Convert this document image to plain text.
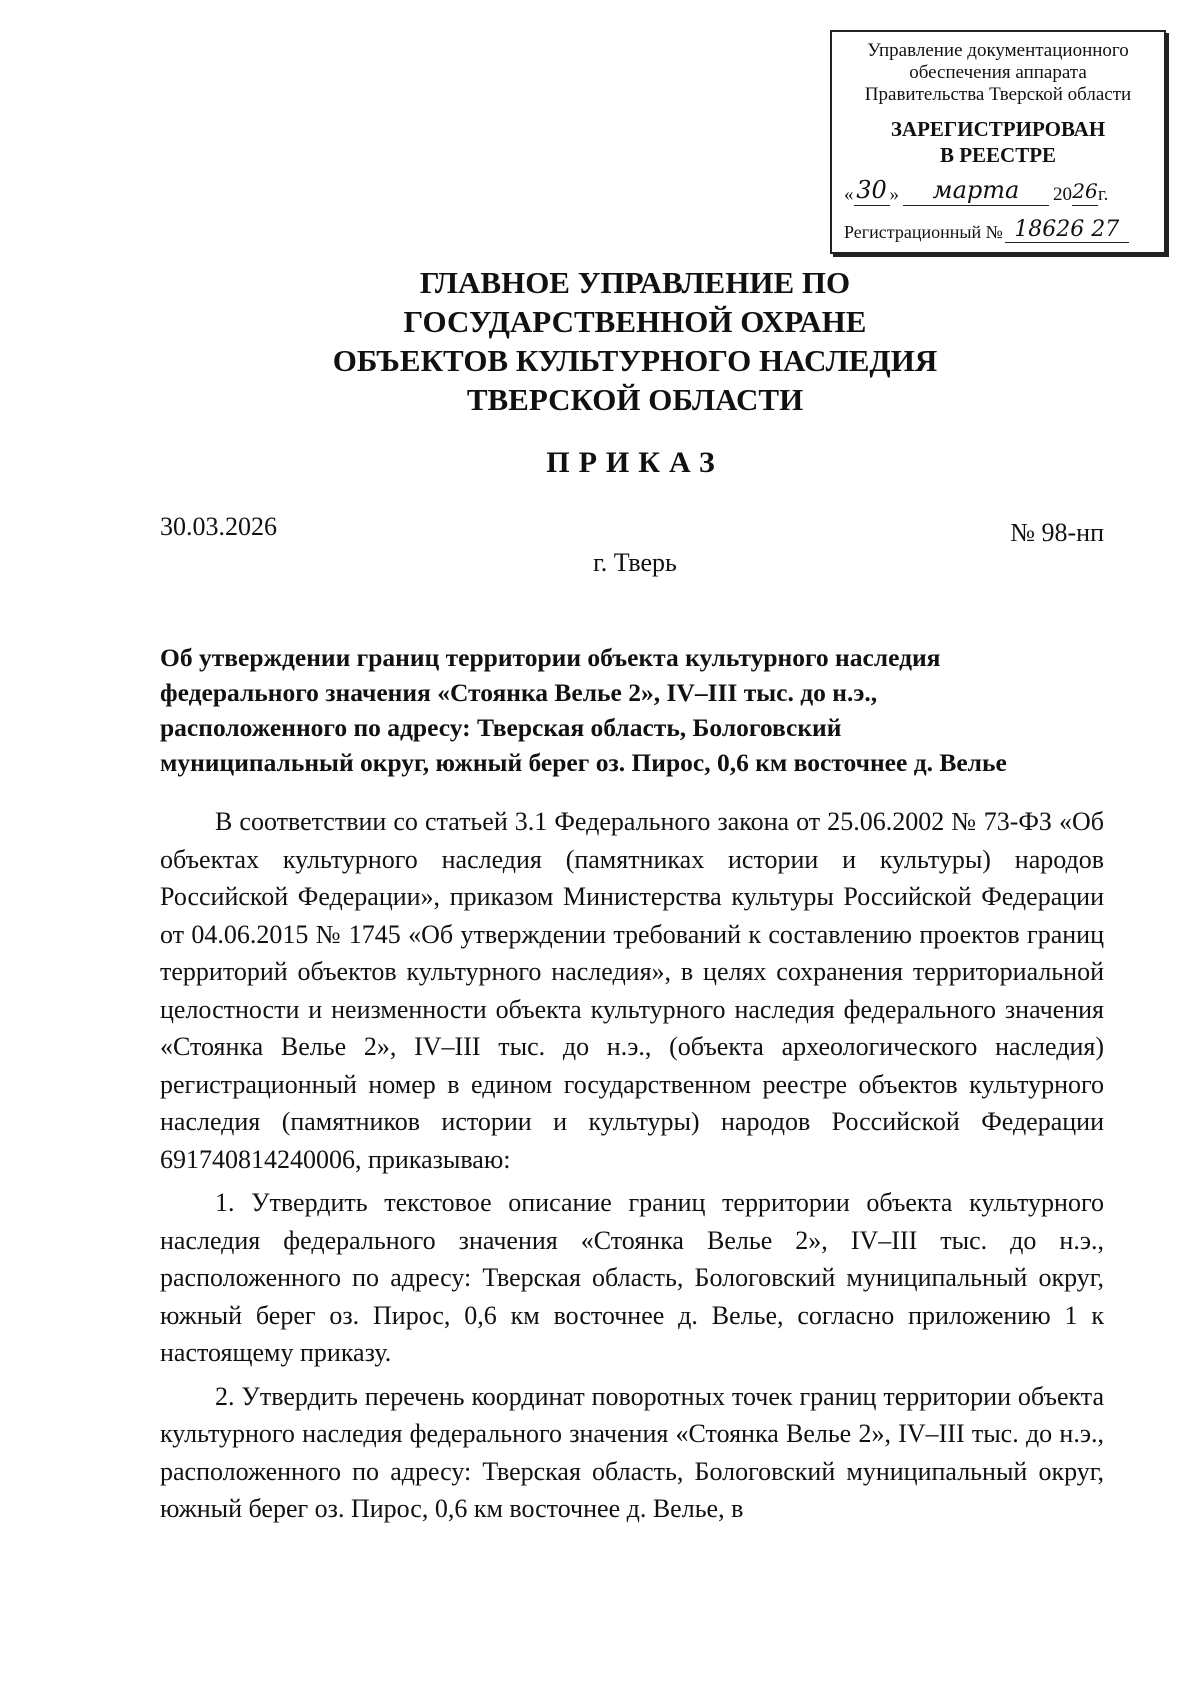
Управление документационного
обеспечения аппарата
Правительства Тверской области
ЗАРЕГИСТРИРОВАН
В РЕЕСТРЕ
« 30 »	марта	20 26 г.
Регистрационный № 18626 27
ГЛАВНОЕ УПРАВЛЕНИЕ ПО
ГОСУДАРСТВЕННОЙ ОХРАНЕ
ОБЪЕКТОВ КУЛЬТУРНОГО НАСЛЕДИЯ
ТВЕРСКОЙ ОБЛАСТИ
ПРИКАЗ
30.03.2026	№ 98-нп
г. Тверь
Об утверждении границ территории объекта культурного наследия
федерального значения «Стоянка Велье 2», IV–III тыс. до н.э.,
расположенного по адресу: Тверская область, Бологовский
муниципальный округ, южный берег оз. Пирос, 0,6 км восточнее д. Велье

В соответствии со статьей 3.1 Федерального закона от 25.06.2002 № 73-ФЗ «Об объектах культурного наследия (памятниках истории и культуры) народов Российской Федерации», приказом Министерства культуры Российской Федерации от 04.06.2015 № 1745 «Об утверждении требований к составлению проектов границ территорий объектов культурного наследия», в целях сохранения территориальной целостности и неизменности объекта культурного наследия федерального значения «Стоянка Велье 2», IV–III тыс. до н.э., (объекта археологического наследия) регистрационный номер в едином государственном реестре объектов культурного наследия (памятников истории и культуры) народов Российской Федерации 691740814240006, приказываю:

1. Утвердить текстовое описание границ территории объекта культурного наследия федерального значения «Стоянка Велье 2», IV–III тыс. до н.э., расположенного по адресу: Тверская область, Бологовский муниципальный округ, южный берег оз. Пирос, 0,6 км восточнее д. Велье, согласно приложению 1 к настоящему приказу.

2. Утвердить перечень координат поворотных точек границ территории объекта культурного наследия федерального значения «Стоянка Велье 2», IV–III тыс. до н.э., расположенного по адресу: Тверская область, Бологовский муниципальный округ, южный берег оз. Пирос, 0,6 км восточнее д. Велье, в
